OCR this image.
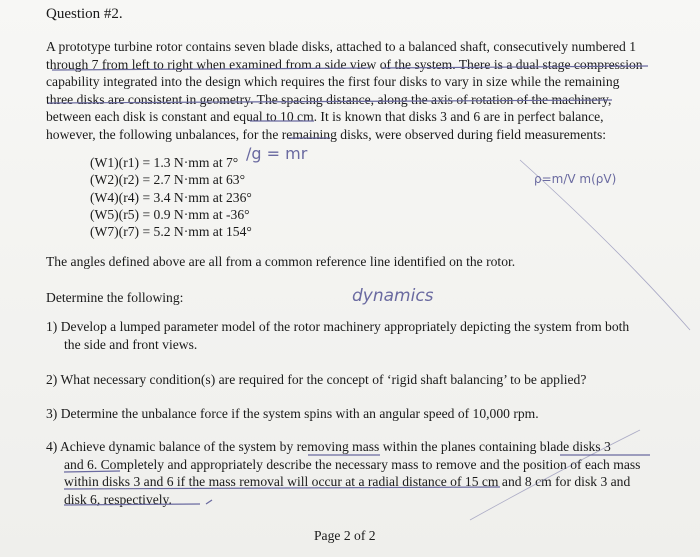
Question #2.
A prototype turbine rotor contains seven blade disks, attached to a balanced shaft, consecutively numbered 1
through 7 from left to right when examined from a side view of the system. There is a dual stage compression
capability integrated into the design which requires the first four disks to vary in size while the remaining
three disks are consistent in geometry. The spacing distance, along the axis of rotation of the machinery,
between each disk is constant and equal to 10 cm. It is known that disks 3 and 6 are in perfect balance,
however, the following unbalances, for the remaining disks, were observed during field measurements:
(W1)(r1) = 1.3 N·mm at 7°
(W2)(r2) = 2.7 N·mm at 63°
(W4)(r4) = 3.4 N·mm at 236°
(W5)(r5) = 0.9 N·mm at -36°
(W7)(r7) = 5.2 N·mm at 154°
The angles defined above are all from a common reference line identified on the rotor.
Determine the following:
1) Develop a lumped parameter model of the rotor machinery appropriately depicting the system from both
the side and front views.
2) What necessary condition(s) are required for the concept of ‘rigid shaft balancing’ to be applied?
3) Determine the unbalance force if the system spins with an angular speed of 10,000 rpm.
4) Achieve dynamic balance of the system by removing mass within the planes containing blade disks 3
and 6. Completely and appropriately describe the necessary mass to remove and the position of each mass
within disks 3 and 6 if the mass removal will occur at a radial distance of 15 cm and 8 cm for disk 3 and
disk 6, respectively.
Page 2 of 2
/g = mr
ρ=m/V m(ρV)
dynamics
